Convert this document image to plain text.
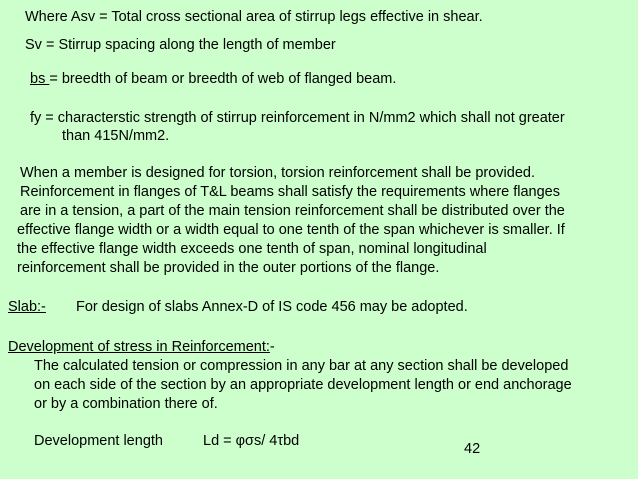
Where Asv = Total cross sectional area of stirrup legs effective in shear.
Sv = Stirrup spacing along the length of member
bs = breedth of beam or breedth of web of flanged beam.
fy = characterstic strength of stirrup reinforcement in N/mm2 which shall not greater
than 415N/mm2.
When a member is designed for torsion, torsion reinforcement shall be provided.
Reinforcement in flanges of T&L beams shall satisfy the requirements where flanges
are in a tension, a part of the main tension reinforcement shall be distributed over the
effective flange width or a width equal to one tenth of the span whichever is smaller. If
the effective flange width exceeds one tenth of span, nominal longitudinal
reinforcement shall be provided in the outer portions of the flange.
Slab:- For design of slabs Annex-D of IS code 456 may be adopted.
Development of stress in Reinforcement:-
The calculated tension or compression in any bar at any section shall be developed
on each side of the section by an appropriate development length or end anchorage
or by a combination there of.
Development length	Ld = φσs/ 4τbd	42
